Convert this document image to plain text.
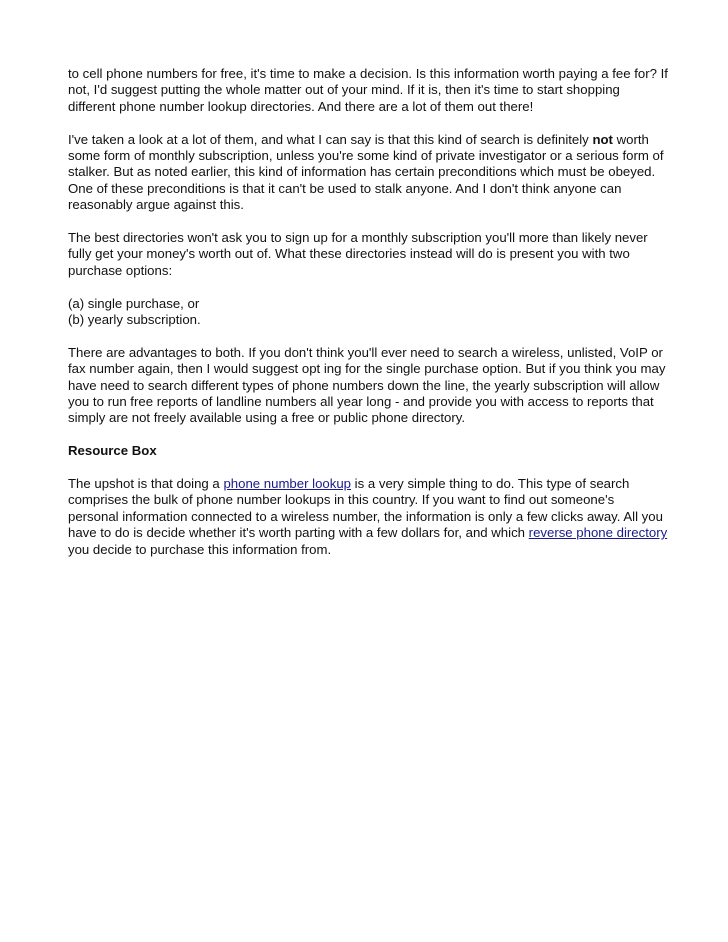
to cell phone numbers for free, it's time to make a decision. Is this information worth paying a fee for? If not, I'd suggest putting the whole matter out of your mind. If it is, then it's time to start shopping different phone number lookup directories. And there are a lot of them out there!

I've taken a look at a lot of them, and what I can say is that this kind of search is definitely not worth some form of monthly subscription, unless you're some kind of private investigator or a serious form of stalker. But as noted earlier, this kind of information has certain preconditions which must be obeyed. One of these preconditions is that it can't be used to stalk anyone. And I don't think anyone can reasonably argue against this.

The best directories won't ask you to sign up for a monthly subscription you'll more than likely never fully get your money's worth out of. What these directories instead will do is present you with two purchase options:

(a) single purchase, or
(b) yearly subscription.

There are advantages to both. If you don't think you'll ever need to search a wireless, unlisted, VoIP or fax number again, then I would suggest opt ing for the single purchase option. But if you think you may have need to search different types of phone numbers down the line, the yearly subscription will allow you to run free reports of landline numbers all year long - and provide you with access to reports that simply are not freely available using a free or public phone directory.

Resource Box

The upshot is that doing a phone number lookup is a very simple thing to do. This type of search comprises the bulk of phone number lookups in this country. If you want to find out someone's personal information connected to a wireless number, the information is only a few clicks away. All you have to do is decide whether it's worth parting with a few dollars for, and which reverse phone directory you decide to purchase this information from.
